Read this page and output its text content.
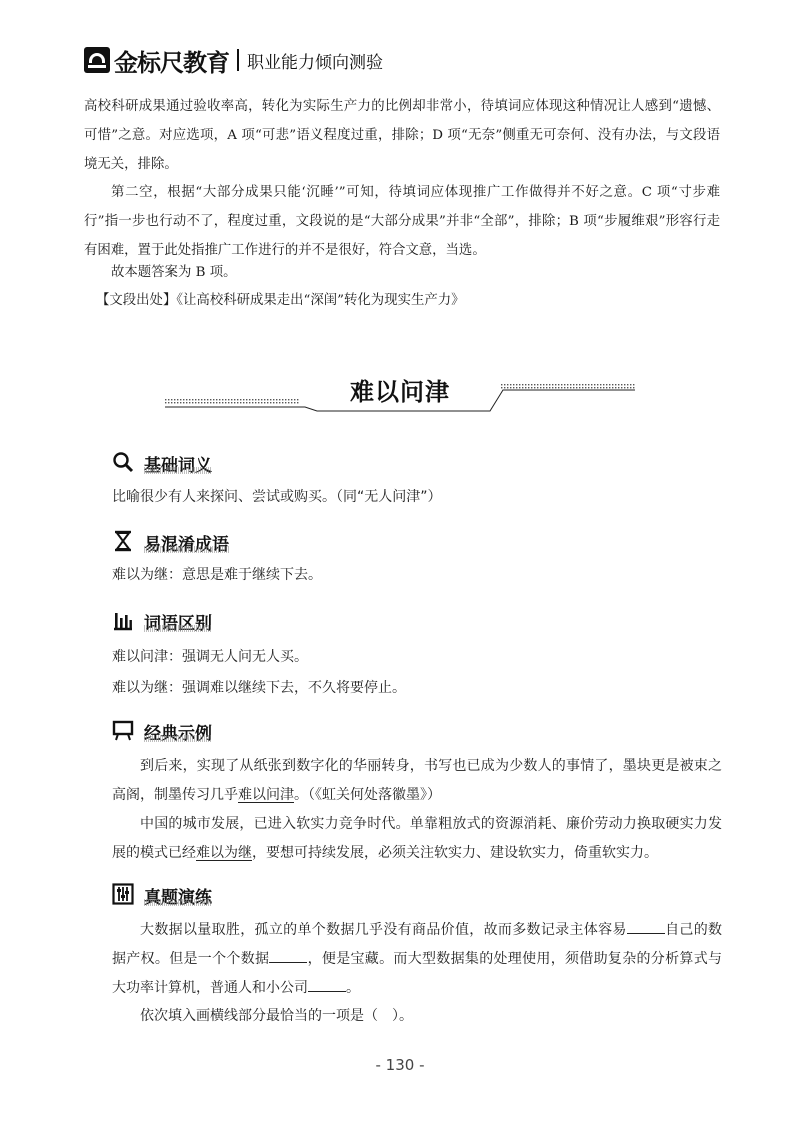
金标尺教育 职业能力倾向测验

高校科研成果通过验收率高，转化为实际生产力的比例却非常小，待填词应体现这种情况让人感到“遗憾、可惜”之意。对应选项，A 项“可悲”语义程度过重，排除；D 项“无奈”侧重无可奈何、没有办法，与文段语境无关，排除。

第二空，根据“大部分成果只能‘沉睡’”可知，待填词应体现推广工作做得并不好之意。C 项“寸步难行”指一步也行动不了，程度过重，文段说的是“大部分成果”并非“全部”，排除；B 项“步履维艰”形容行走有困难，置于此处指推广工作进行的并不是很好，符合文意，当选。

故本题答案为 B 项。

【文段出处】《让高校科研成果走出“深闺”转化为现实生产力》
难以问津
基础词义
比喻很少有人来探问、尝试或购买。（同“无人问津”）
易混淆成语
难以为继：意思是难于继续下去。
词语区别
难以问津：强调无人问无人买。
难以为继：强调难以继续下去，不久将要停止。
经典示例

到后来，实现了从纸张到数字化的华丽转身，书写也已成为少数人的事情了，墨块更是被束之高阁，制墨传习几乎难以问津。（《虹关何处落徽墨》）

中国的城市发展，已进入软实力竞争时代。单靠粗放式的资源消耗、廉价劳动力换取硬实力发展的模式已经难以为继，要想可持续发展，必须关注软实力、建设软实力，倚重软实力。

真题演练

大数据以量取胜，孤立的单个数据几乎没有商品价值，故而多数记录主体容易	自己的数据产权。但是一个个数据	，便是宝藏。而大型数据集的处理使用，须借助复杂的分析算式与大功率计算机，普通人和小公司	。

依次填入画横线部分最恰当的一项是（　）。

- 130 -
